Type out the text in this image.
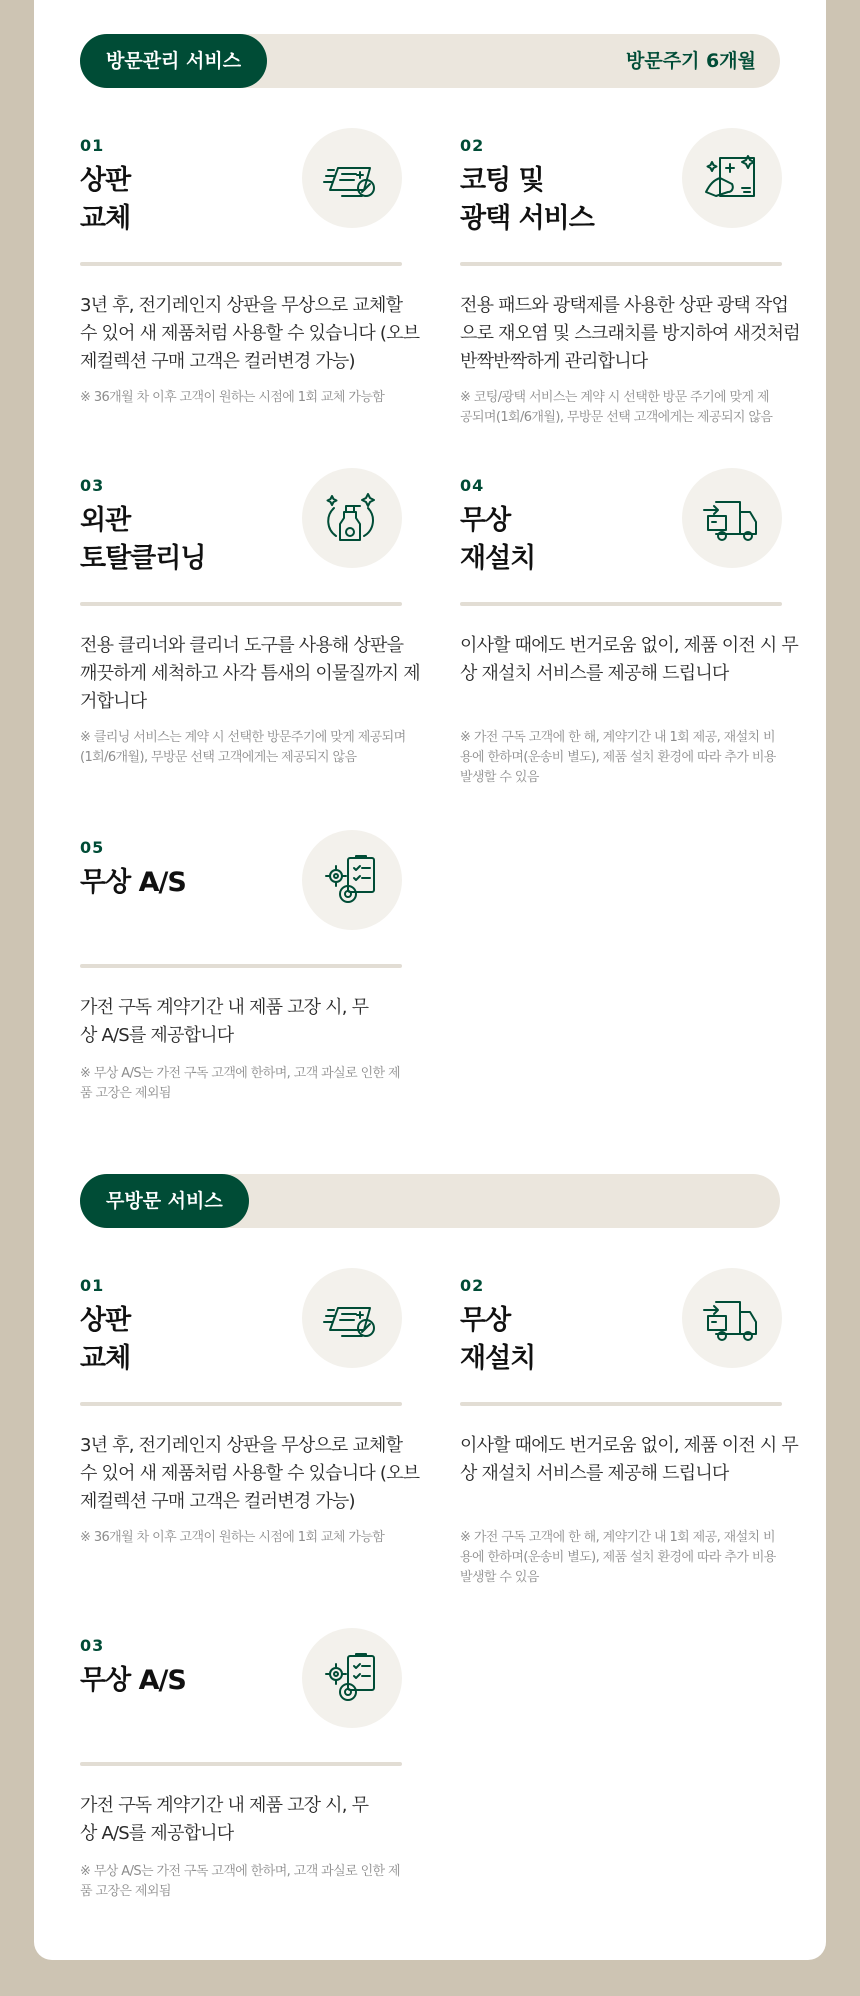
방문관리 서비스	방문주기 6개월
01
상판
교체
3년 후, 전기레인지 상판을 무상으로 교체할 수 있어 새 제품처럼 사용할 수 있습니다 (오브제컬렉션 구매 고객은 컬러변경 가능)
※ 36개월 차 이후 고객이 원하는 시점에 1회 교체 가능함
02
코팅 및
광택 서비스
전용 패드와 광택제를 사용한 상판 광택 작업으로 재오염 및 스크래치를 방지하여 새것처럼 반짝반짝하게 관리합니다
※ 코팅/광택 서비스는 계약 시 선택한 방문 주기에 맞게 제공되며(1회/6개월), 무방문 선택 고객에게는 제공되지 않음
03
외관
토탈클리닝
전용 클리너와 클리너 도구를 사용해 상판을 깨끗하게 세척하고 사각 틈새의 이물질까지 제거합니다
※ 클리닝 서비스는 계약 시 선택한 방문주기에 맞게 제공되며(1회/6개월), 무방문 선택 고객에게는 제공되지 않음
04
무상
재설치
이사할 때에도 번거로움 없이, 제품 이전 시 무상 재설치 서비스를 제공해 드립니다
※ 가전 구독 고객에 한 해, 계약기간 내 1회 제공, 재설치 비용에 한하며(운송비 별도), 제품 설치 환경에 따라 추가 비용 발생할 수 있음
05
무상 A/S
가전 구독 계약기간 내 제품 고장 시, 무상 A/S를 제공합니다
※ 무상 A/S는 가전 구독 고객에 한하며, 고객 과실로 인한 제품 고장은 제외됨
무방문 서비스
01
상판
교체
3년 후, 전기레인지 상판을 무상으로 교체할 수 있어 새 제품처럼 사용할 수 있습니다 (오브제컬렉션 구매 고객은 컬러변경 가능)
※ 36개월 차 이후 고객이 원하는 시점에 1회 교체 가능함
02
무상
재설치
이사할 때에도 번거로움 없이, 제품 이전 시 무상 재설치 서비스를 제공해 드립니다
※ 가전 구독 고객에 한 해, 계약기간 내 1회 제공, 재설치 비용에 한하며(운송비 별도), 제품 설치 환경에 따라 추가 비용 발생할 수 있음
03
무상 A/S
가전 구독 계약기간 내 제품 고장 시, 무상 A/S를 제공합니다
※ 무상 A/S는 가전 구독 고객에 한하며, 고객 과실로 인한 제품 고장은 제외됨
